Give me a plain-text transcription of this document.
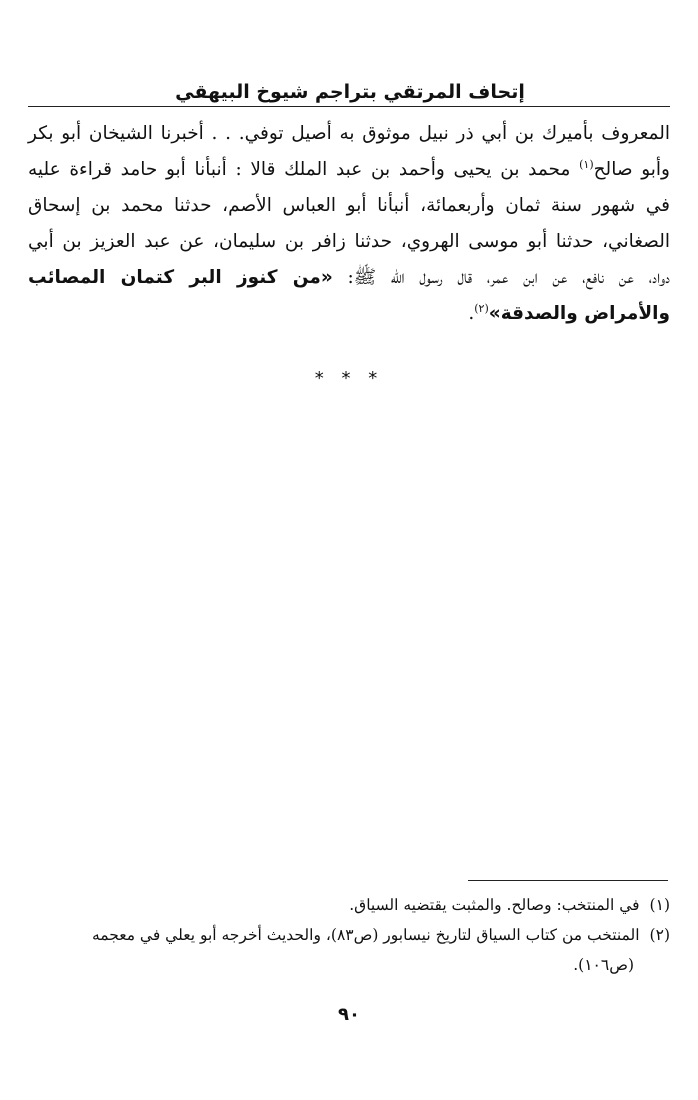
إتحاف المرتقي بتراجم شيوخ البيهقي
المعروف بأميرك بن أبي ذر نبيل موثوق به أصيل توفي. . . أخبرنا الشيخان أبو بكر
وأبو صالح$^{(١)}$ محمد بن يحيى وأحمد بن عبد الملك قالا : أنبأنا أبو حامد قراءة عليه
في شهور سنة ثمان وأربعمائة، أنبأنا أبو العباس الأصم، حدثنا محمد بن إسحاق
الصغاني، حدثنا أبو موسى الهروي، حدثنا زافر بن سليمان، عن عبد العزيز بن أبي
دواد، عن نافع، عن ابن عمر، قال رسول الله ﷺ: «من كنوز البر كتمان المصائب
والأمراض والصدقة»$^{(٢)}$.
* * *
(١)في المنتخب: وصالح. والمثبت يقتضيه السياق.
(٢)المنتخب من كتاب السياق لتاريخ نيسابور (ص٨٣)، والحديث أخرجه أبو يعلي في معجمه
(ص١٠٦).
٩٠
